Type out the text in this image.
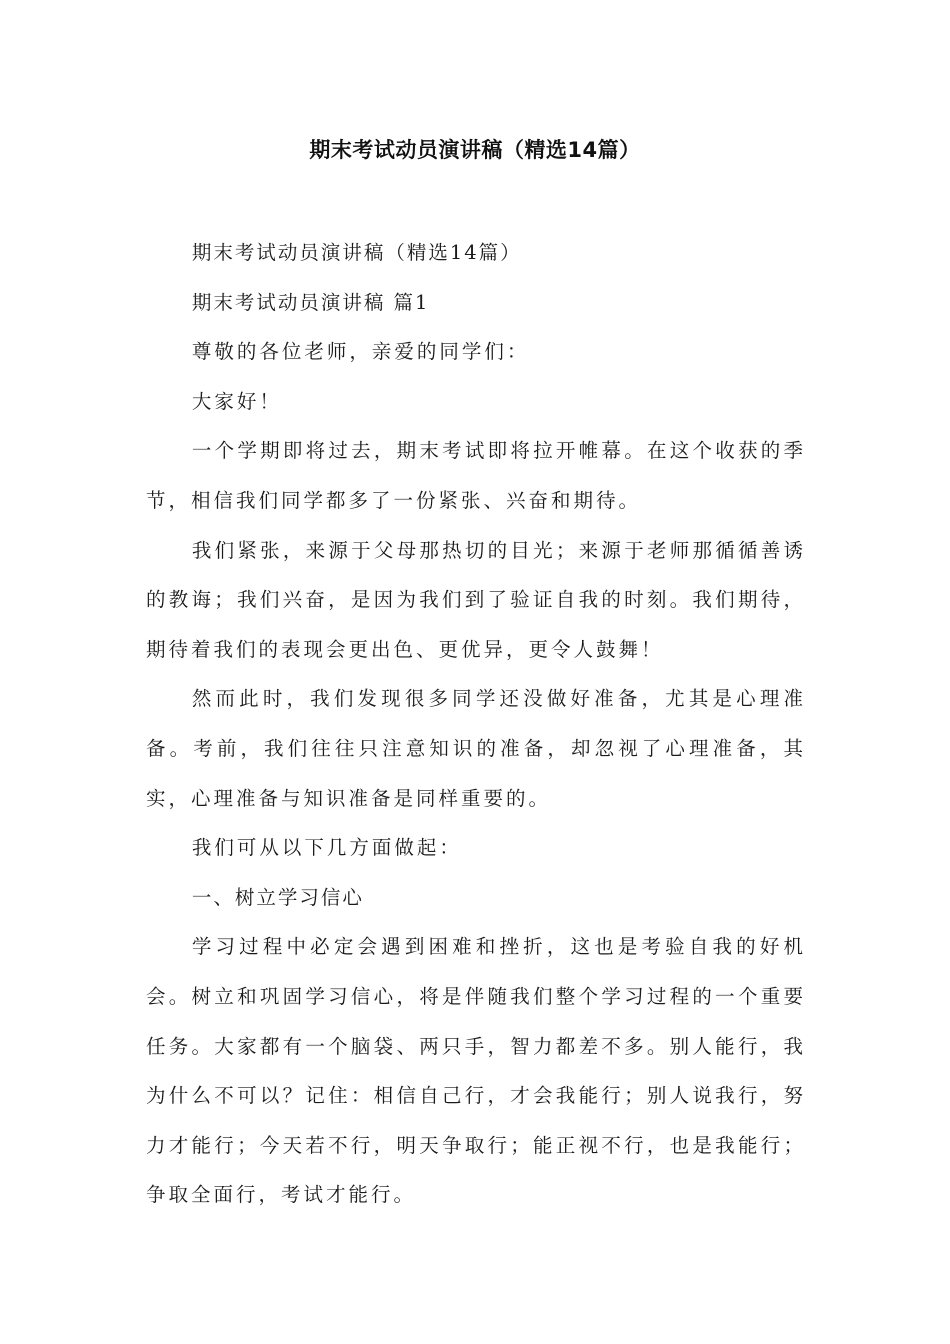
期末考试动员演讲稿（精选14篇）

期末考试动员演讲稿（精选14篇）

期末考试动员演讲稿 篇1

尊敬的各位老师，亲爱的同学们：

大家好！

一个学期即将过去，期末考试即将拉开帷幕。在这个收获的季节，相信我们同学都多了一份紧张、兴奋和期待。

我们紧张，来源于父母那热切的目光；来源于老师那循循善诱的教诲；我们兴奋，是因为我们到了验证自我的时刻。我们期待，期待着我们的表现会更出色、更优异，更令人鼓舞！

然而此时，我们发现很多同学还没做好准备，尤其是心理准备。考前，我们往往只注意知识的准备，却忽视了心理准备，其实，心理准备与知识准备是同样重要的。

我们可从以下几方面做起：

一、树立学习信心

学习过程中必定会遇到困难和挫折，这也是考验自我的好机会。树立和巩固学习信心，将是伴随我们整个学习过程的一个重要任务。大家都有一个脑袋、两只手，智力都差不多。别人能行，我为什么不可以？记住：相信自己行，才会我能行；别人说我行，努力才能行；今天若不行，明天争取行；能正视不行，也是我能行；争取全面行，考试才能行。
